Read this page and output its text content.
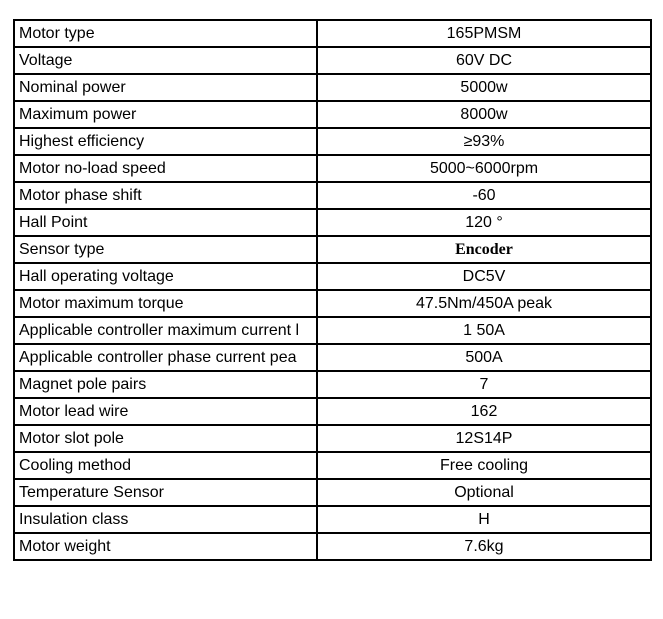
Motor type	165PMSM
Voltage	60V DC
Nominal power	5000w
Maximum power	8000w
Highest efficiency	≥93%
Motor no-load speed	5000~6000rpm
Motor phase shift	-60
Hall Point	120 °
Sensor type	Encoder
Hall operating voltage	DC5V
Motor maximum torque	47.5Nm/450A peak
Applicable controller maximum current l	1 50A
Applicable controller phase current pea	500A
Magnet pole pairs	7
Motor lead wire	162
Motor slot pole	12S14P
Cooling method	Free cooling
Temperature Sensor	Optional
Insulation class	H
Motor weight	7.6kg
